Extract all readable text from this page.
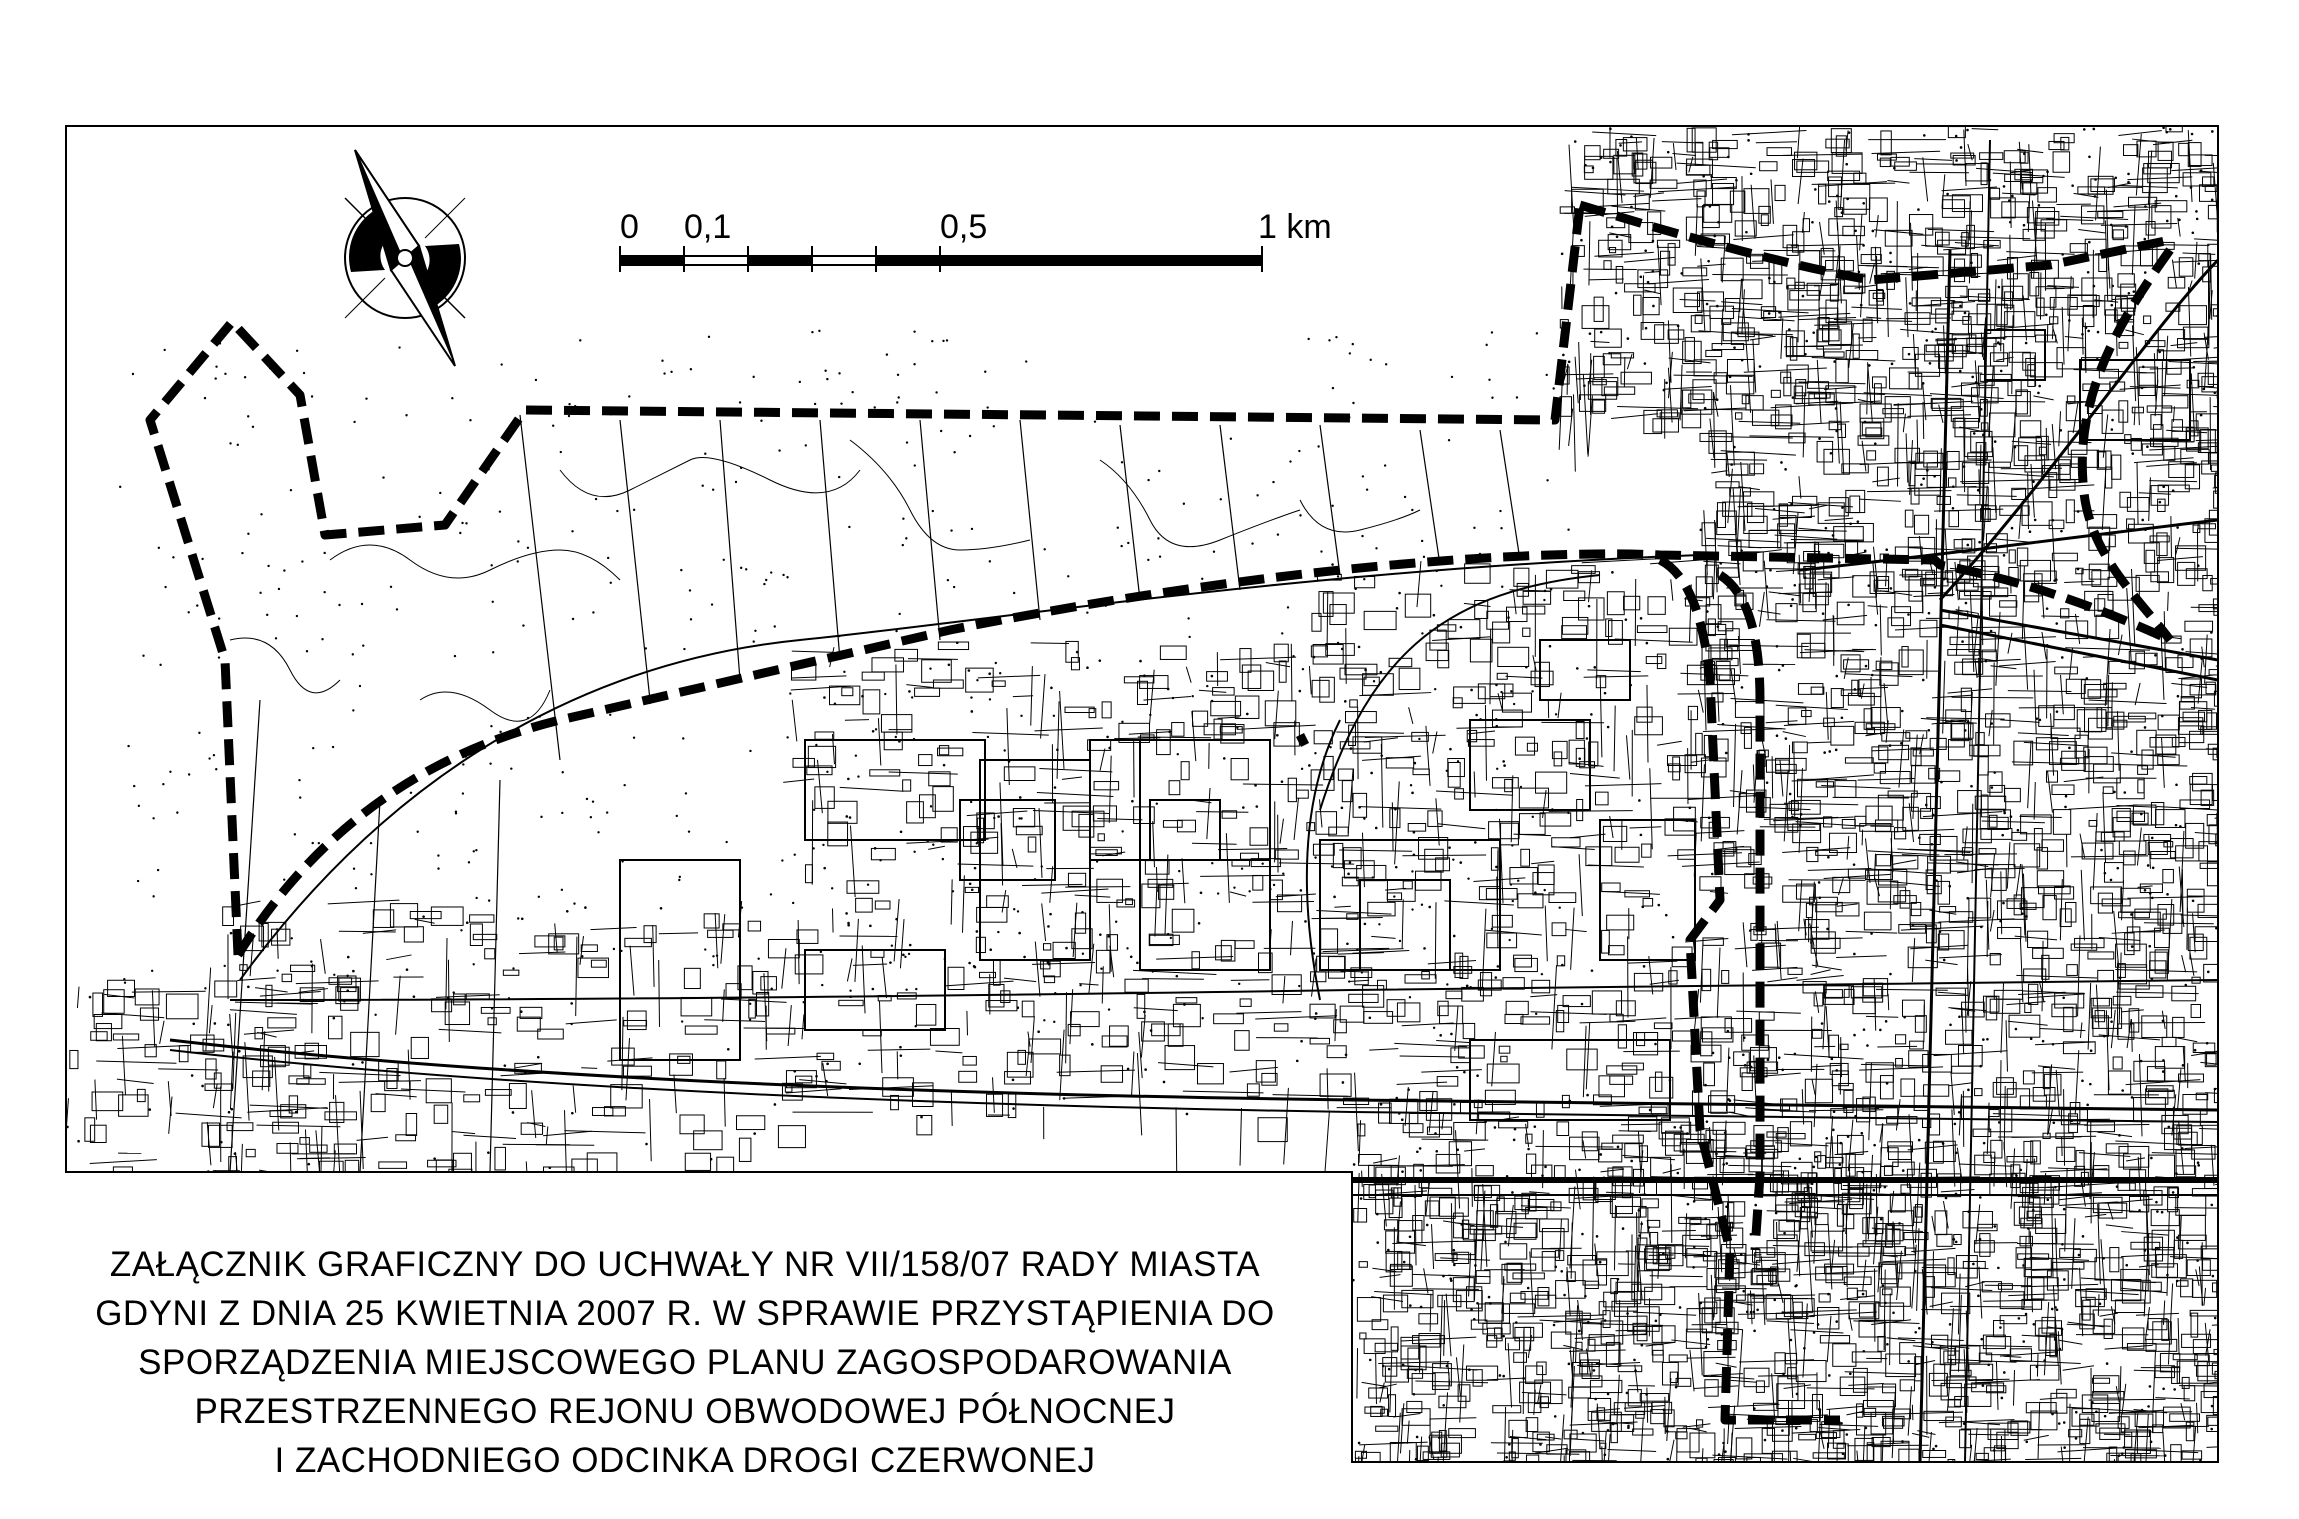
0 0,1	0,5	1 km
ZAŁĄCZNIK GRAFICZNY DO UCHWAŁY NR VII/158/07 RADY MIASTA
GDYNI Z DNIA 25 KWIETNIA 2007 R. W SPRAWIE PRZYSTĄPIENIA DO
SPORZĄDZENIA MIEJSCOWEGO PLANU ZAGOSPODAROWANIA
PRZESTRZENNEGO REJONU OBWODOWEJ PÓŁNOCNEJ
I ZACHODNIEGO ODCINKA DROGI CZERWONEJ
